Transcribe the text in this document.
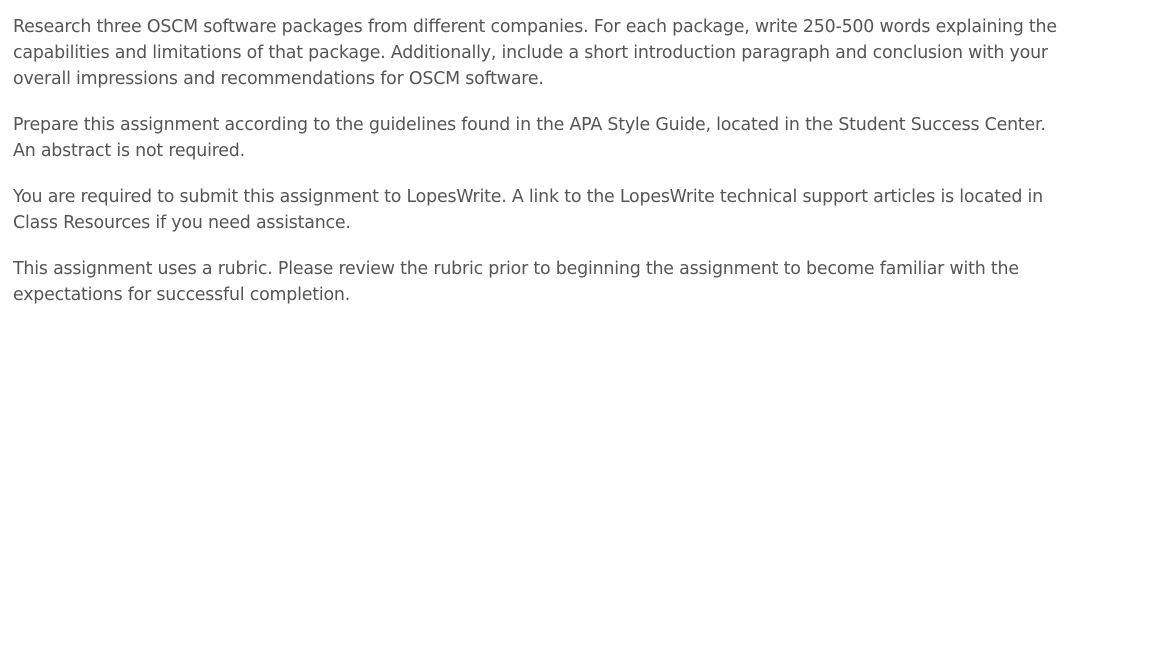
Research three OSCM software packages from different companies. For each package, write 250-500 words explaining the capabilities and limitations of that package. Additionally, include a short introduction paragraph and conclusion with your overall impressions and recommendations for OSCM software.

Prepare this assignment according to the guidelines found in the APA Style Guide, located in the Student Success Center. An abstract is not required.

You are required to submit this assignment to LopesWrite. A link to the LopesWrite technical support articles is located in Class Resources if you need assistance.

This assignment uses a rubric. Please review the rubric prior to beginning the assignment to become familiar with the expectations for successful completion.
